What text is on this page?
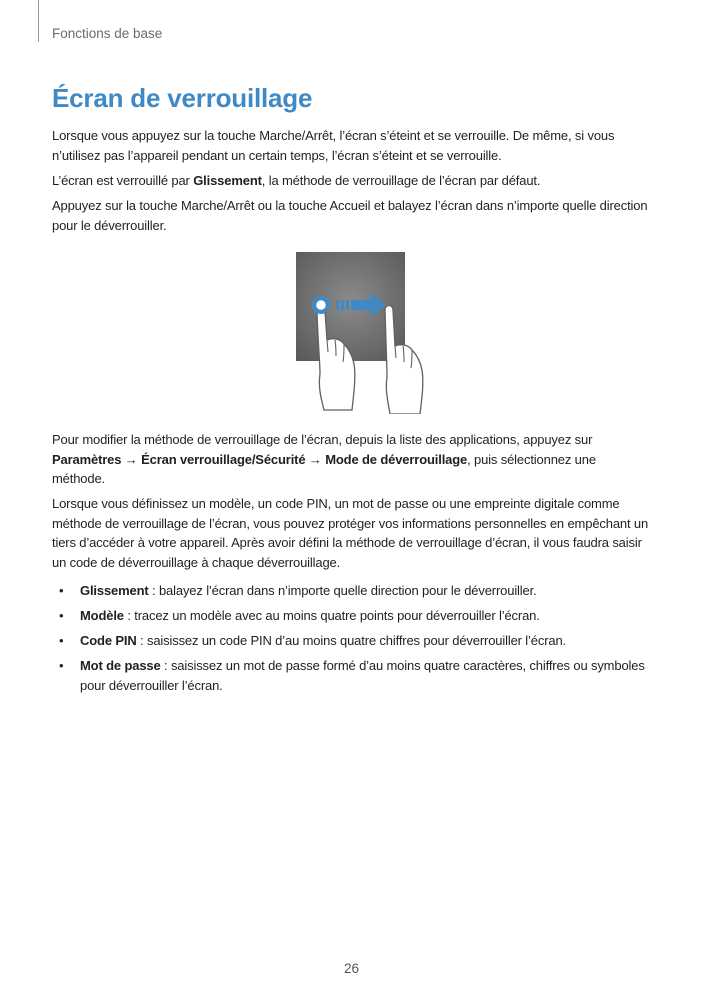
Fonctions de base
Écran de verrouillage

Lorsque vous appuyez sur la touche Marche/Arrêt, l’écran s’éteint et se verrouille. De même, si vous n’utilisez pas l’appareil pendant un certain temps, l’écran s’éteint et se verrouille.

L’écran est verrouillé par Glissement, la méthode de verrouillage de l’écran par défaut.

Appuyez sur la touche Marche/Arrêt ou la touche Accueil et balayez l’écran dans n’importe quelle direction pour le déverrouiller.

Pour modifier la méthode de verrouillage de l’écran, depuis la liste des applications, appuyez sur Paramètres → Écran verrouillage/Sécurité → Mode de déverrouillage, puis sélectionnez une méthode.

Lorsque vous définissez un modèle, un code PIN, un mot de passe ou une empreinte digitale comme méthode de verrouillage de l’écran, vous pouvez protéger vos informations personnelles en empêchant un tiers d’accéder à votre appareil. Après avoir défini la méthode de verrouillage d’écran, il vous faudra saisir un code de déverrouillage à chaque déverrouillage.

• Glissement : balayez l’écran dans n’importe quelle direction pour le déverrouiller.
• Modèle : tracez un modèle avec au moins quatre points pour déverrouiller l’écran.
• Code PIN : saisissez un code PIN d’au moins quatre chiffres pour déverrouiller l’écran.
• Mot de passe : saisissez un mot de passe formé d’au moins quatre caractères, chiffres ou symboles pour déverrouiller l’écran.
26
